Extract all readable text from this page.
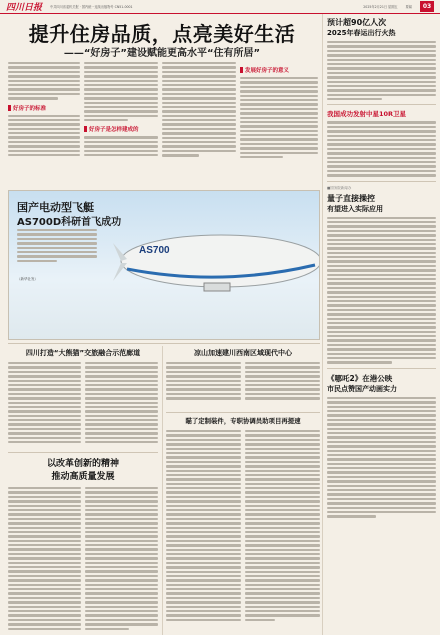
四川日报	中共四川省委机关报 · 国内统一连续出版物号 CN51-0001	2025年2月21日 星期五	要闻	03
提升住房品质，点亮美好生活
——“好房子”建设赋能更高水平“住有所居”
好房子的标准
好房子是怎样建成的
发展好房子的意义
国产电动型飞艇
AS700D科研首飞成功
（新华社发）
AS700
四川打造“大熊猫”交旅融合示范廊道	凉山加速建川西南区域现代中心
瞄了定制装件，专职协调员助项目再提速
以改革创新的精神
推动高质量发展
预计超90亿人次
2025年春运出行火热
我国成功发射中星10R卫星
■国务院新闻办
量子直接操控
有望进入实际应用
《哪吒2》在港公映
市民点赞国产动画实力
